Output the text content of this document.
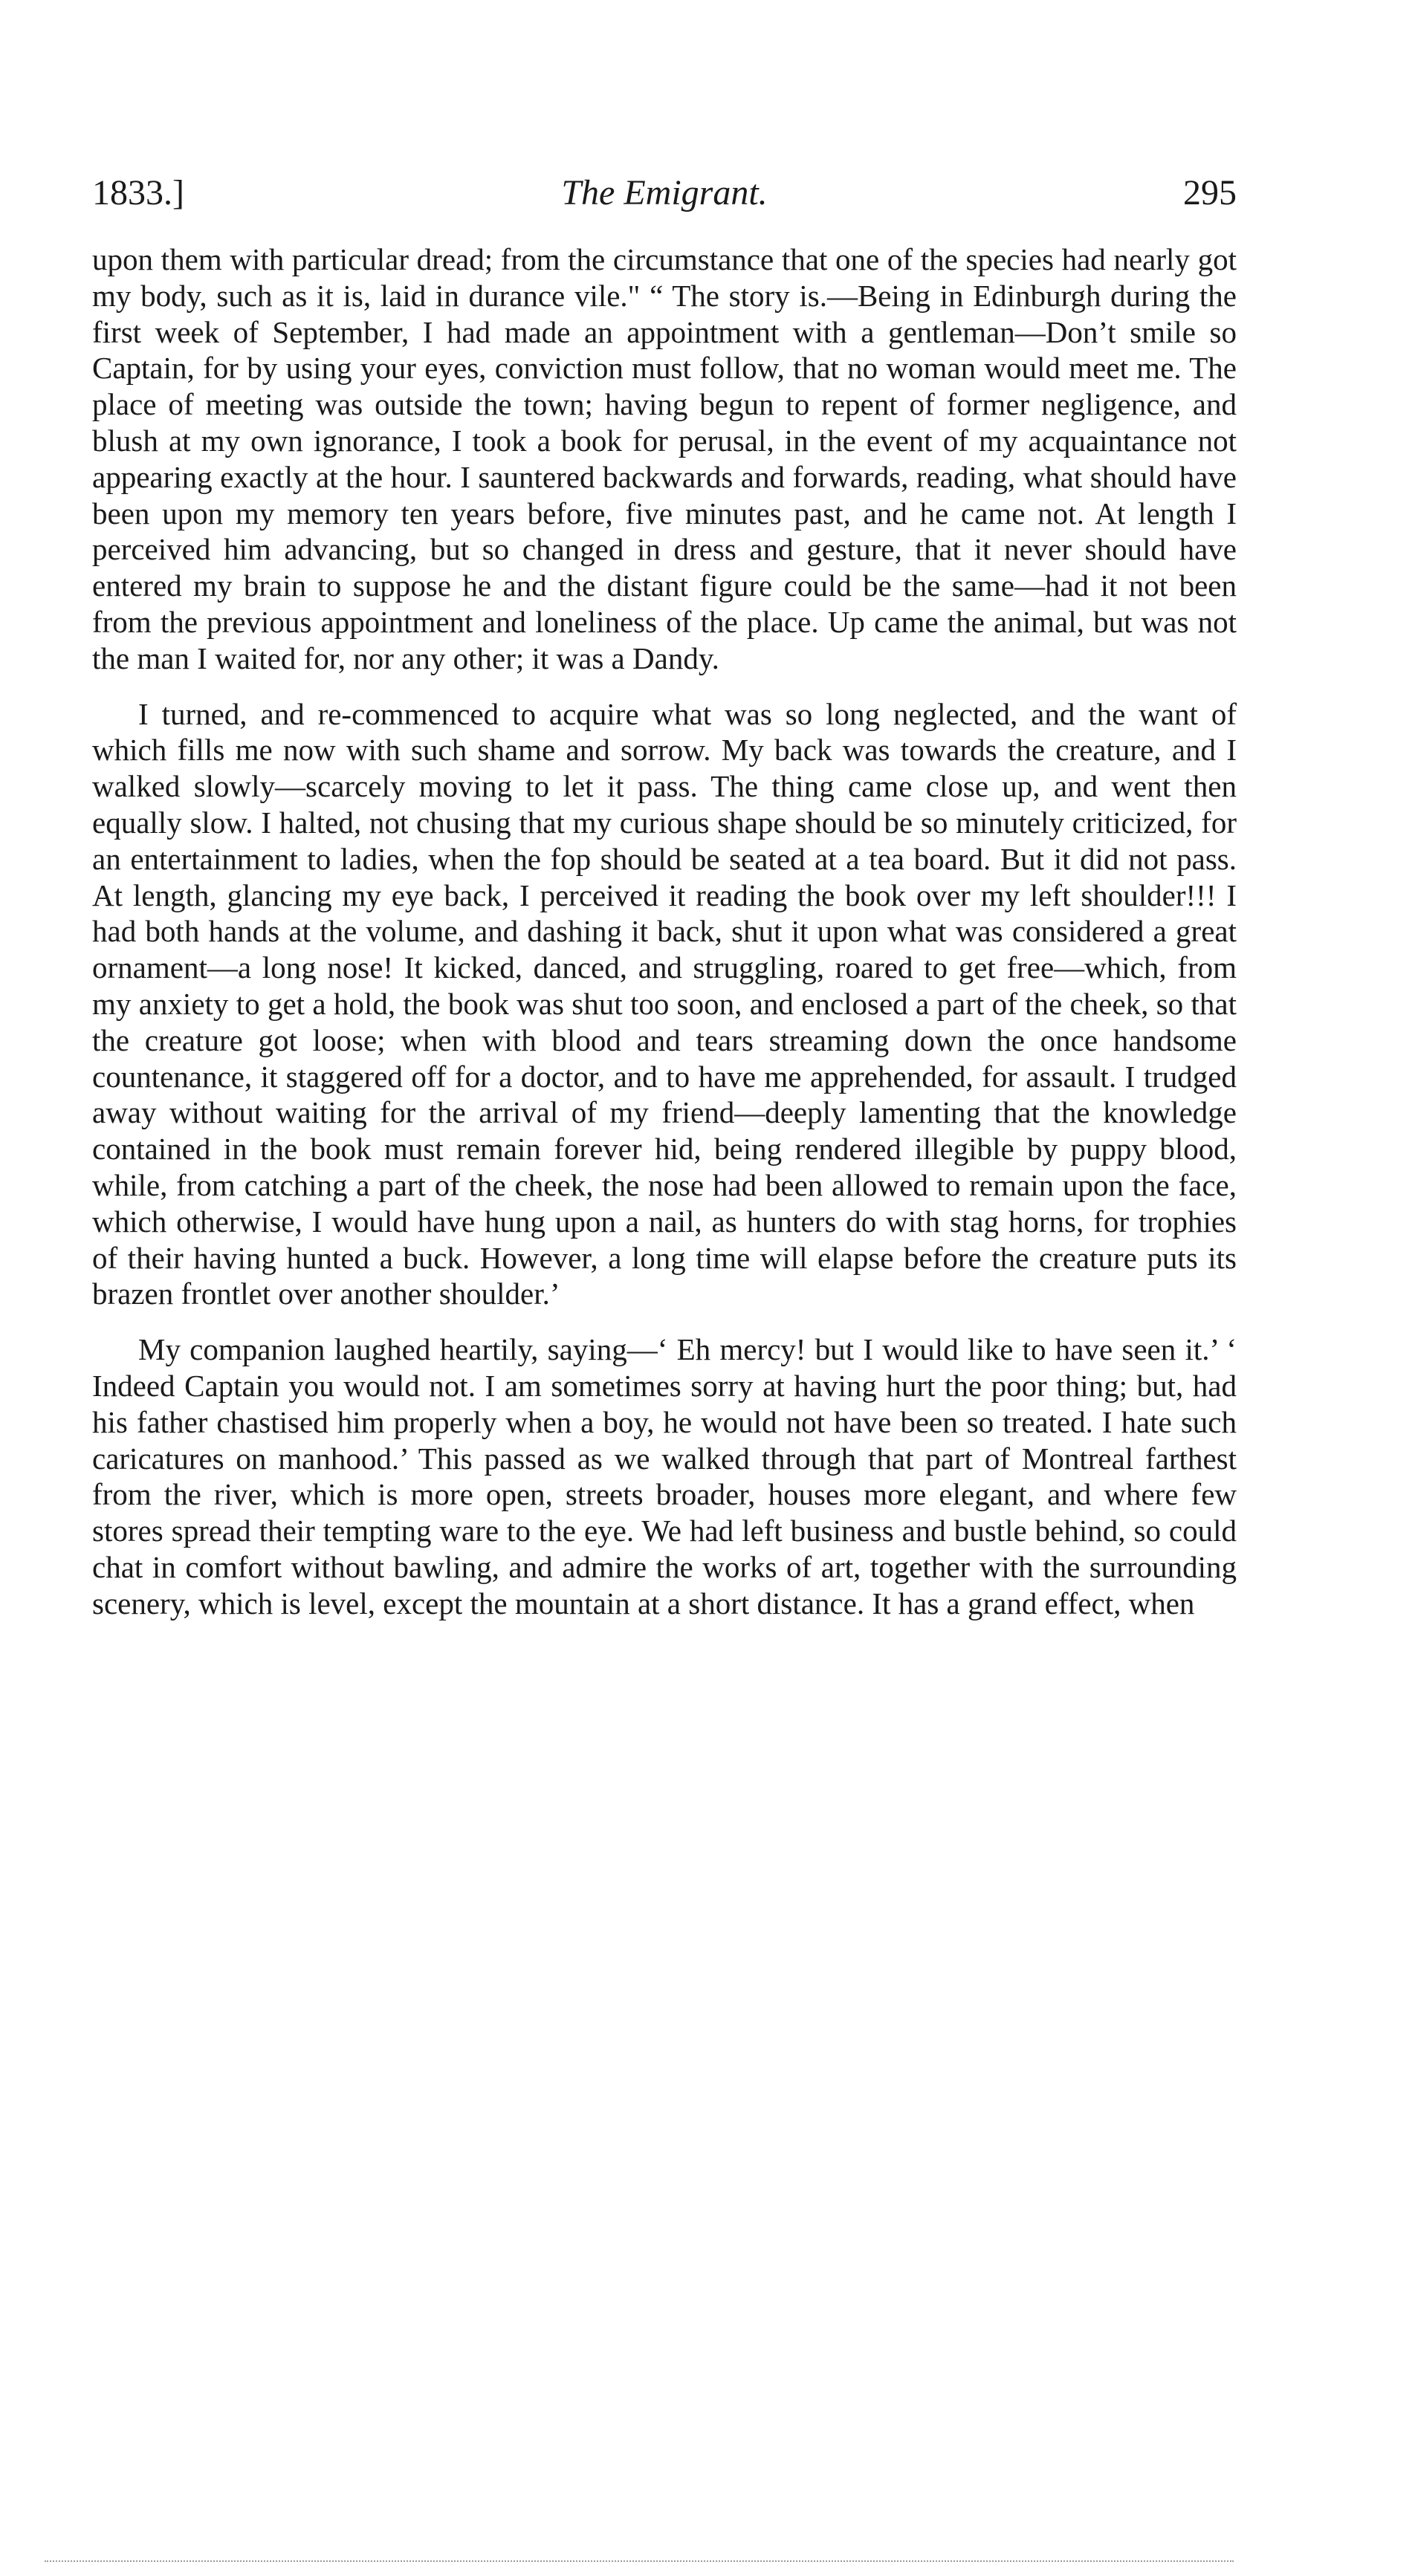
1833.]	The Emigrant.	295

upon them with particular dread; from the circumstance that one of the species had nearly got my body, such as it is, laid in durance vile." “ The story is.—Being in Edinburgh during the first week of September, I had made an appointment with a gentleman—Don’t smile so Captain, for by using your eyes, conviction must follow, that no woman would meet me. The place of meeting was outside the town; having begun to repent of former negligence, and blush at my own ignorance, I took a book for perusal, in the event of my acquaintance not appearing exactly at the hour. I sauntered backwards and forwards, reading, what should have been upon my memory ten years before, five minutes past, and he came not. At length I perceived him advancing, but so changed in dress and gesture, that it never should have entered my brain to suppose he and the distant figure could be the same—had it not been from the previous appointment and loneliness of the place. Up came the animal, but was not the man I waited for, nor any other; it was a Dandy.

I turned, and re-commenced to acquire what was so long neglected, and the want of which fills me now with such shame and sorrow. My back was towards the creature, and I walked slowly—scarcely moving to let it pass. The thing came close up, and went then equally slow. I halted, not chusing that my curious shape should be so minutely criticized, for an entertainment to ladies, when the fop should be seated at a tea board. But it did not pass. At length, glancing my eye back, I perceived it reading the book over my left shoulder!!! I had both hands at the volume, and dashing it back, shut it upon what was considered a great ornament—a long nose! It kicked, danced, and struggling, roared to get free—which, from my anxiety to get a hold, the book was shut too soon, and enclosed a part of the cheek, so that the creature got loose; when with blood and tears streaming down the once handsome countenance, it staggered off for a doctor, and to have me apprehended, for assault. I trudged away without waiting for the arrival of my friend—deeply lamenting that the knowledge contained in the book must remain forever hid, being rendered illegible by puppy blood, while, from catching a part of the cheek, the nose had been allowed to remain upon the face, which otherwise, I would have hung upon a nail, as hunters do with stag horns, for trophies of their having hunted a buck. However, a long time will elapse before the creature puts its brazen frontlet over another shoulder.’

My companion laughed heartily, saying—‘ Eh mercy! but I would like to have seen it.’ ‘ Indeed Captain you would not. I am sometimes sorry at having hurt the poor thing; but, had his father chastised him properly when a boy, he would not have been so treated. I hate such caricatures on manhood.’ This passed as we walked through that part of Montreal farthest from the river, which is more open, streets broader, houses more elegant, and where few stores spread their tempting ware to the eye. We had left business and bustle behind, so could chat in comfort without bawling, and admire the works of art, together with the surrounding scenery, which is level, except the mountain at a short distance. It has a grand effect, when
